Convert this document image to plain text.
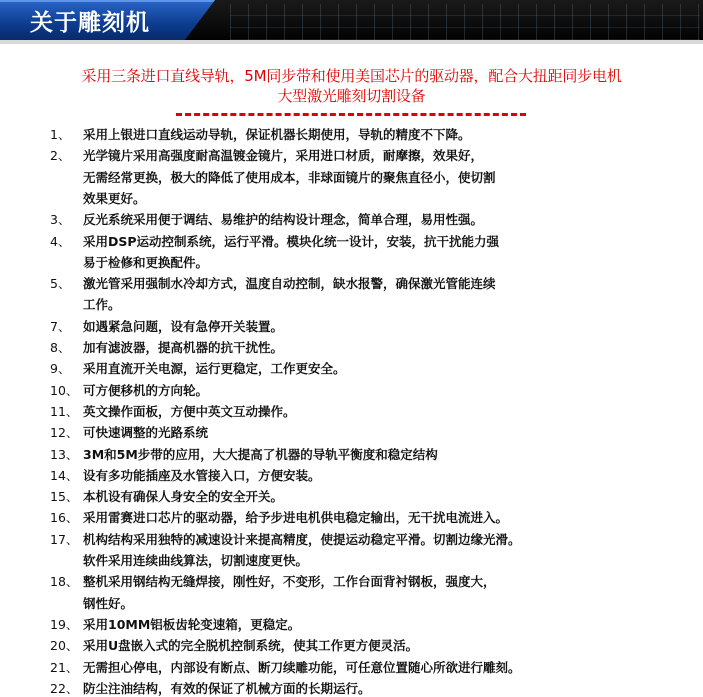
关于雕刻机
采用三条进口直线导轨，5M同步带和使用美国芯片的驱动器，配合大扭距同步电机
大型激光雕刻切割设备
1、 采用上银进口直线运动导轨，保证机器长期使用，导轨的精度不下降。
2、 光学镜片采用高强度耐高温镀金镜片，采用进口材质，耐摩擦，效果好，
无需经常更换，极大的降低了使用成本，非球面镜片的聚焦直径小，使切割
效果更好。
3、 反光系统采用便于调结、易维护的结构设计理念，简单合理，易用性强。
4、 采用DSP运动控制系统，运行平滑。模块化统一设计，安装，抗干扰能力强
易于检修和更换配件。
5、 激光管采用强制水冷却方式，温度自动控制，缺水报警，确保激光管能连续
工作。
7、 如遇紧急问题，设有急停开关装置。
8、 加有滤波器，提高机器的抗干扰性。
9、 采用直流开关电源，运行更稳定，工作更安全。
10、 可方便移机的方向轮。
11、 英文操作面板，方便中英文互动操作。
12、 可快速调整的光路系统
13、 3M和5M步带的应用，大大提高了机器的导轨平衡度和稳定结构
14、 设有多功能插座及水管接入口，方便安装。
15、 本机设有确保人身安全的安全开关。
16、 采用雷赛进口芯片的驱动器，给予步进电机供电稳定输出，无干扰电流进入。
17、 机构结构采用独特的减速设计来提高精度，使提运动稳定平滑。切割边缘光滑。
软件采用连续曲线算法，切割速度更快。
18、 整机采用钢结构无缝焊接，刚性好，不变形，工作台面背衬钢板，强度大，
钢性好。
19、 采用10MM铝板齿轮变速箱，更稳定。
20、 采用U盘嵌入式的完全脱机控制系统，使其工作更方便灵活。
21、 无需担心停电，内部设有断点、断刀续雕功能，可任意位置随心所欲进行雕刻。
22、 防尘注油结构，有效的保证了机械方面的长期运行。
